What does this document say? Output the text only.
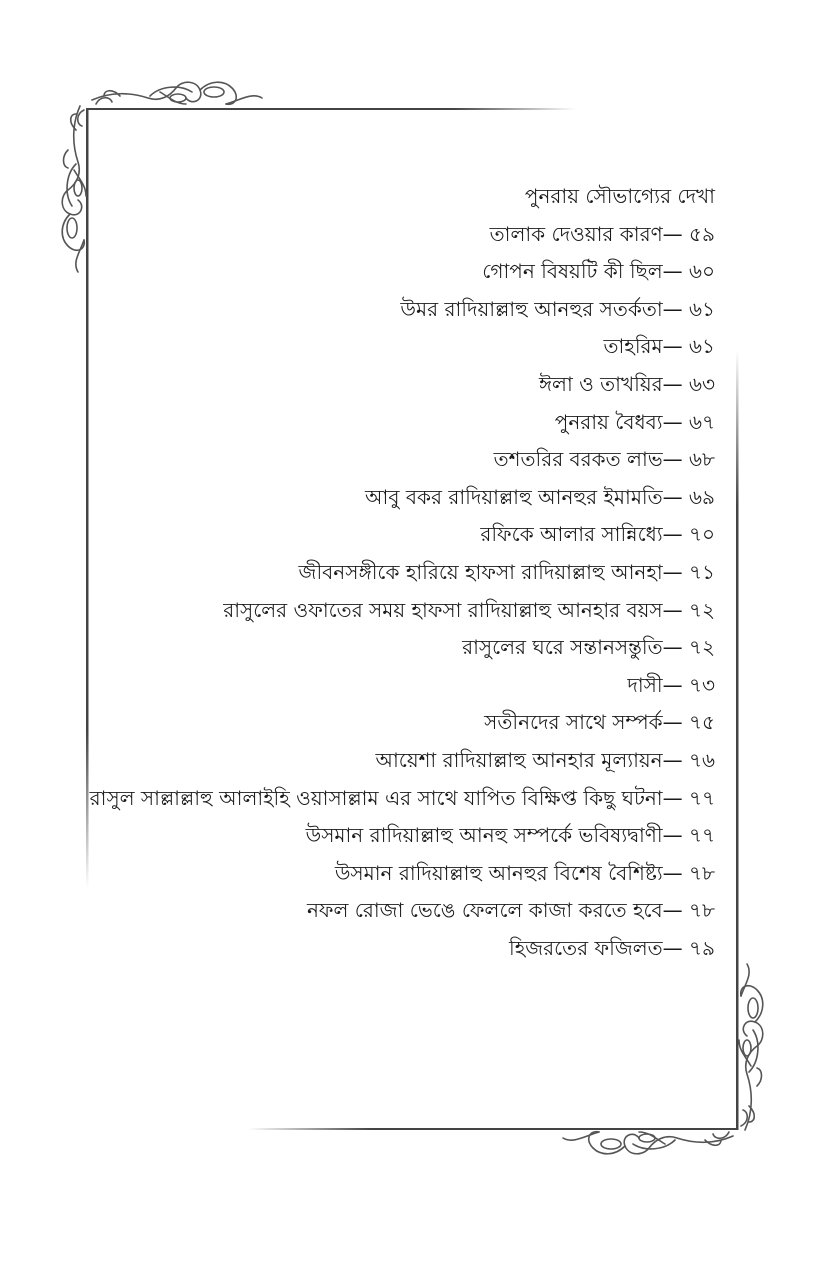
পুনরায় সৌভাগ্যের দেখা
তালাক দেওয়ার কারণ— ৫৯
গোপন বিষয়টি কী ছিল— ৬০
উমর রাদিয়াল্লাহু আনহুর সতর্কতা— ৬১
তাহরিম— ৬১
ঈলা ও তাখয়ির— ৬৩
পুনরায় বৈধব্য— ৬৭
তশতরির বরকত লাভ— ৬৮
আবু বকর রাদিয়াল্লাহু আনহুর ইমামতি— ৬৯
রফিকে আলার সান্নিধ্যে— ৭০
জীবনসঙ্গীকে হারিয়ে হাফসা রাদিয়াল্লাহু আনহা— ৭১
রাসুলের ওফাতের সময় হাফসা রাদিয়াল্লাহু আনহার বয়স— ৭২
রাসুলের ঘরে সন্তানসন্তুতি— ৭২
দাসী— ৭৩
সতীনদের সাথে সম্পর্ক— ৭৫
আয়েশা রাদিয়াল্লাহু আনহার মূল্যায়ন— ৭৬
রাসুল সাল্লাল্লাহু আলাইহি ওয়াসাল্লাম এর সাথে যাপিত বিক্ষিপ্ত কিছু ঘটনা— ৭৭
উসমান রাদিয়াল্লাহু আনহু সম্পর্কে ভবিষ্যদ্বাণী— ৭৭
উসমান রাদিয়াল্লাহু আনহুর বিশেষ বৈশিষ্ট্য— ৭৮
নফল রোজা ভেঙে ফেললে কাজা করতে হবে— ৭৮
হিজরতের ফজিলত— ৭৯
